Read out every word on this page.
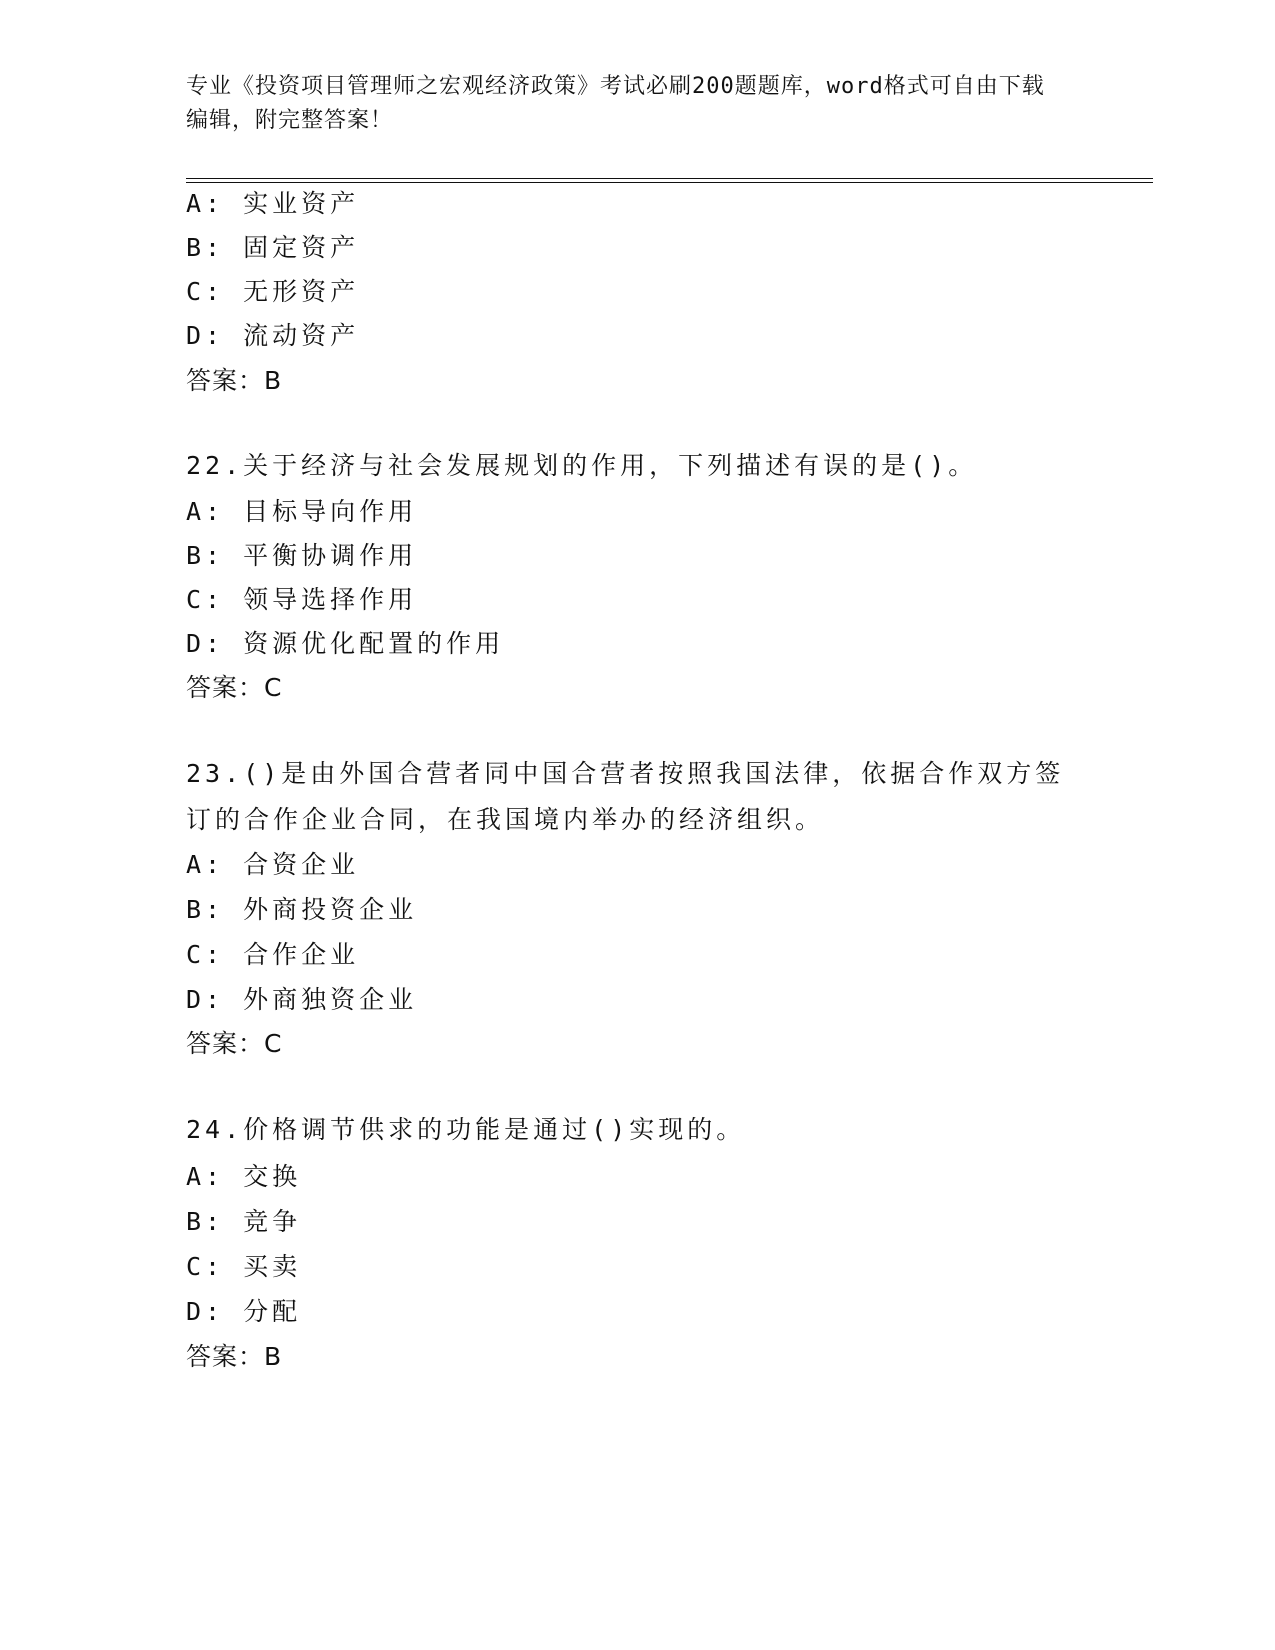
专业《投资项目管理师之宏观经济政策》考试必刷200题题库，word格式可自由下载编辑，附完整答案！
A: 实业资产
B: 固定资产
C: 无形资产
D: 流动资产
答案：B
22.关于经济与社会发展规划的作用，下列描述有误的是()。
A: 目标导向作用
B: 平衡协调作用
C: 领导选择作用
D: 资源优化配置的作用
答案：C
23.()是由外国合营者同中国合营者按照我国法律，依据合作双方签订的合作企业合同，在我国境内举办的经济组织。
A: 合资企业
B: 外商投资企业
C: 合作企业
D: 外商独资企业
答案：C
24.价格调节供求的功能是通过()实现的。
A: 交换
B: 竞争
C: 买卖
D: 分配
答案：B
